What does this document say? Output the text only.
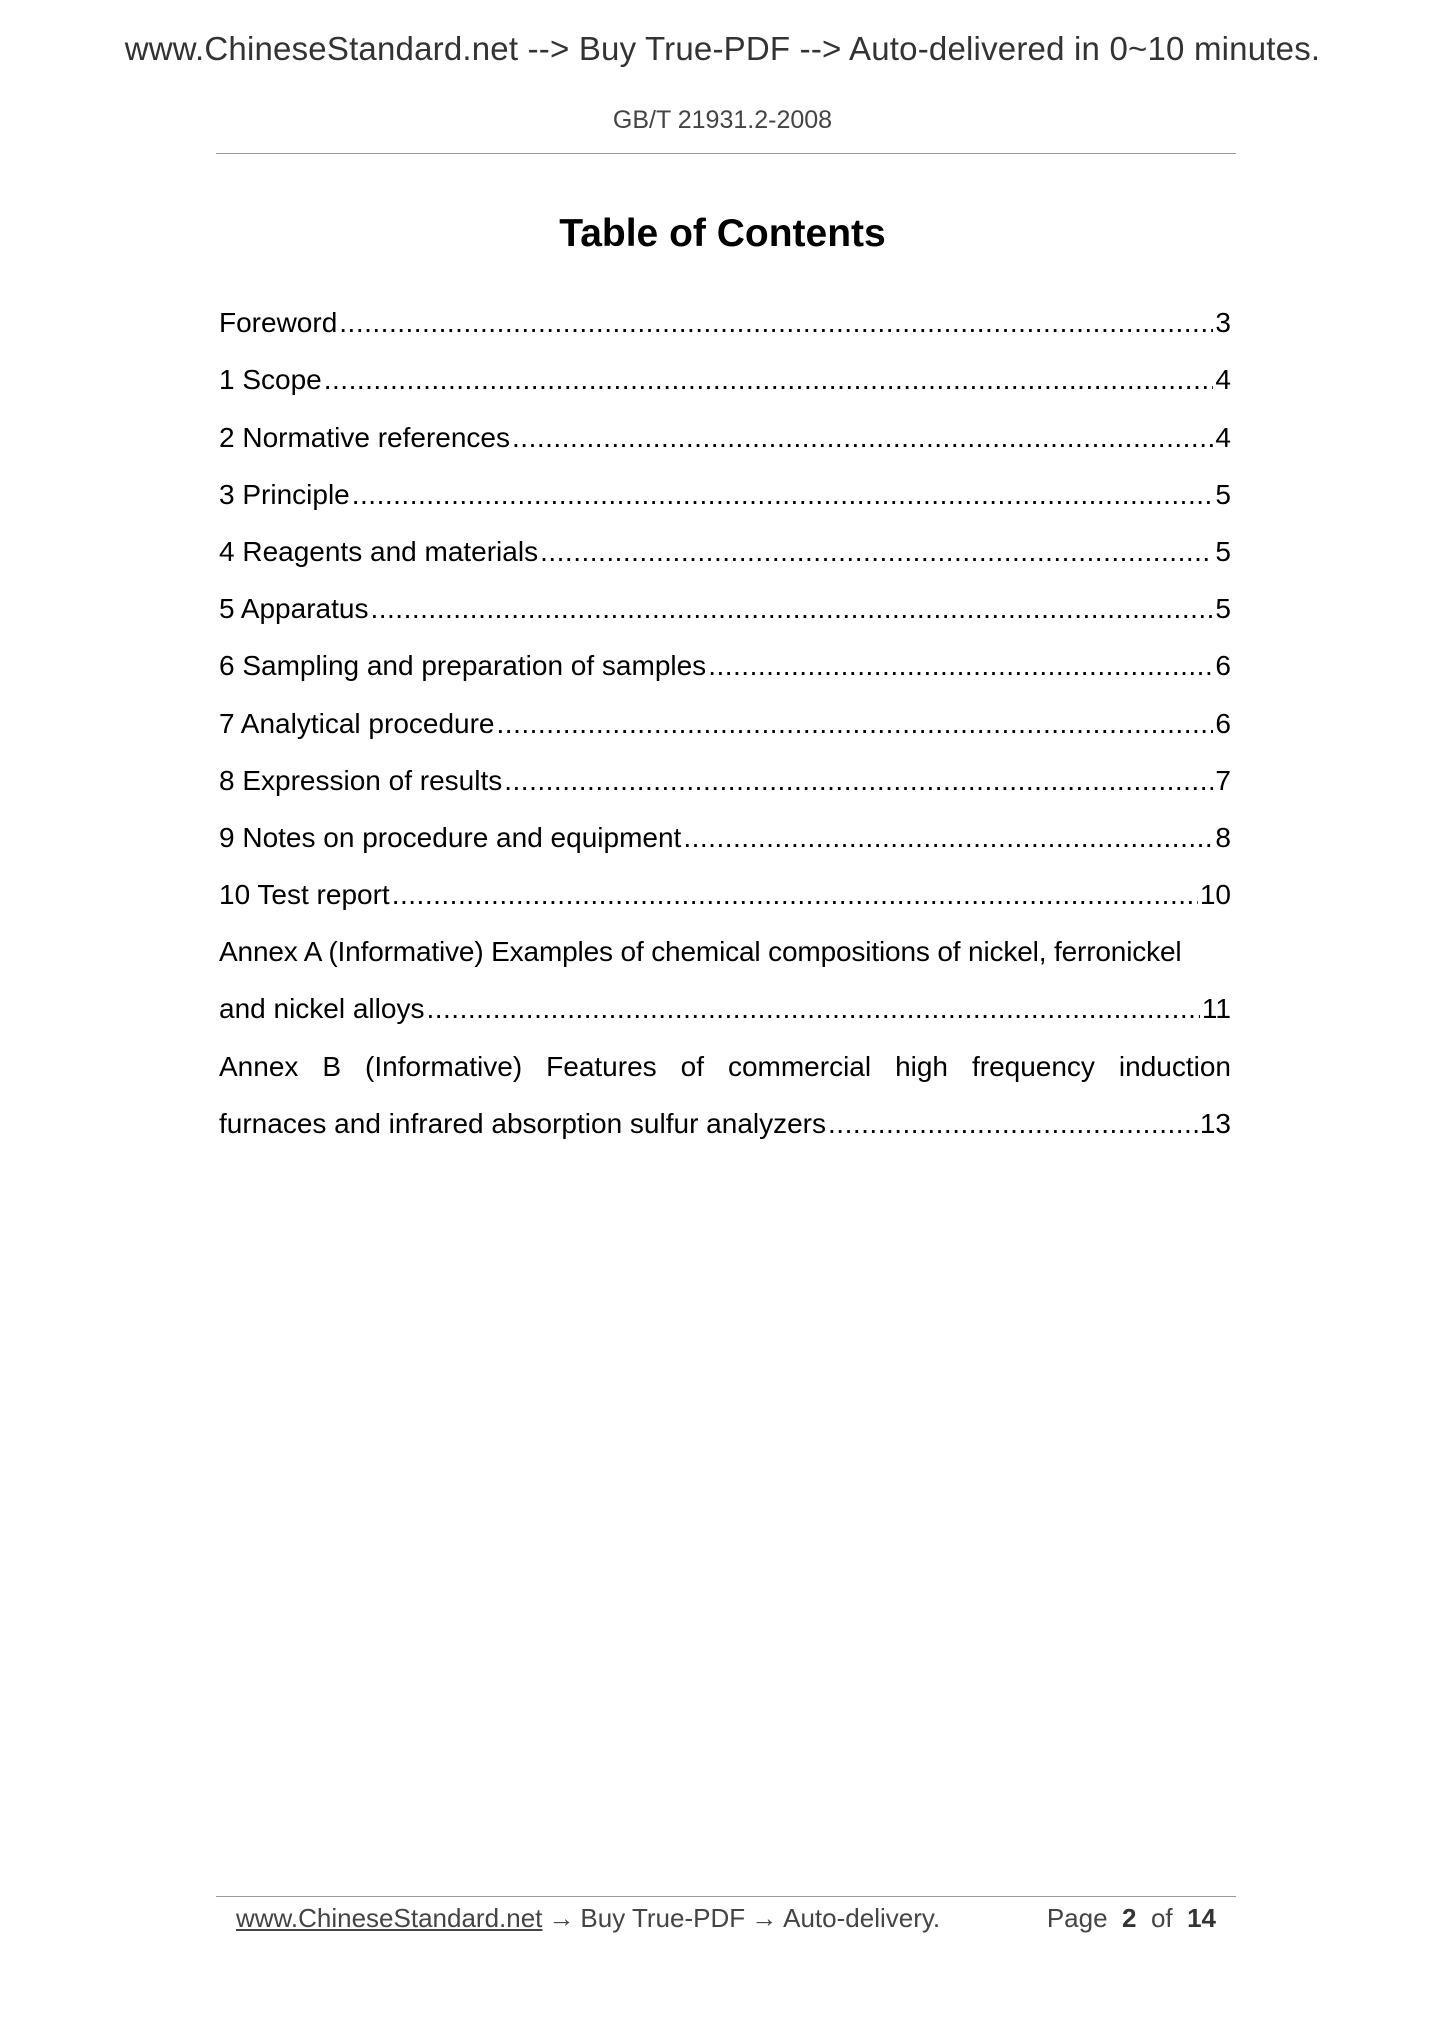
www.ChineseStandard.net --> Buy True-PDF --> Auto-delivered in 0~10 minutes.
GB/T 21931.2-2008
Table of Contents
Foreword .....	3
1 Scope .....	4
2 Normative references .....	4
3 Principle .....	5
4 Reagents and materials .....	5
5 Apparatus .....	5
6 Sampling and preparation of samples .....	6
7 Analytical procedure .....	6
8 Expression of results .....	7
9 Notes on procedure and equipment .....	8
10 Test report .....	10
Annex A (Informative) Examples of chemical compositions of nickel, ferronickel
and nickel alloys .....	11
Annex B (Informative) Features of commercial high frequency induction
furnaces and infrared absorption sulfur analyzers .....	13
www.ChineseStandard.net → Buy True-PDF → Auto-delivery.	Page 2 of 14
